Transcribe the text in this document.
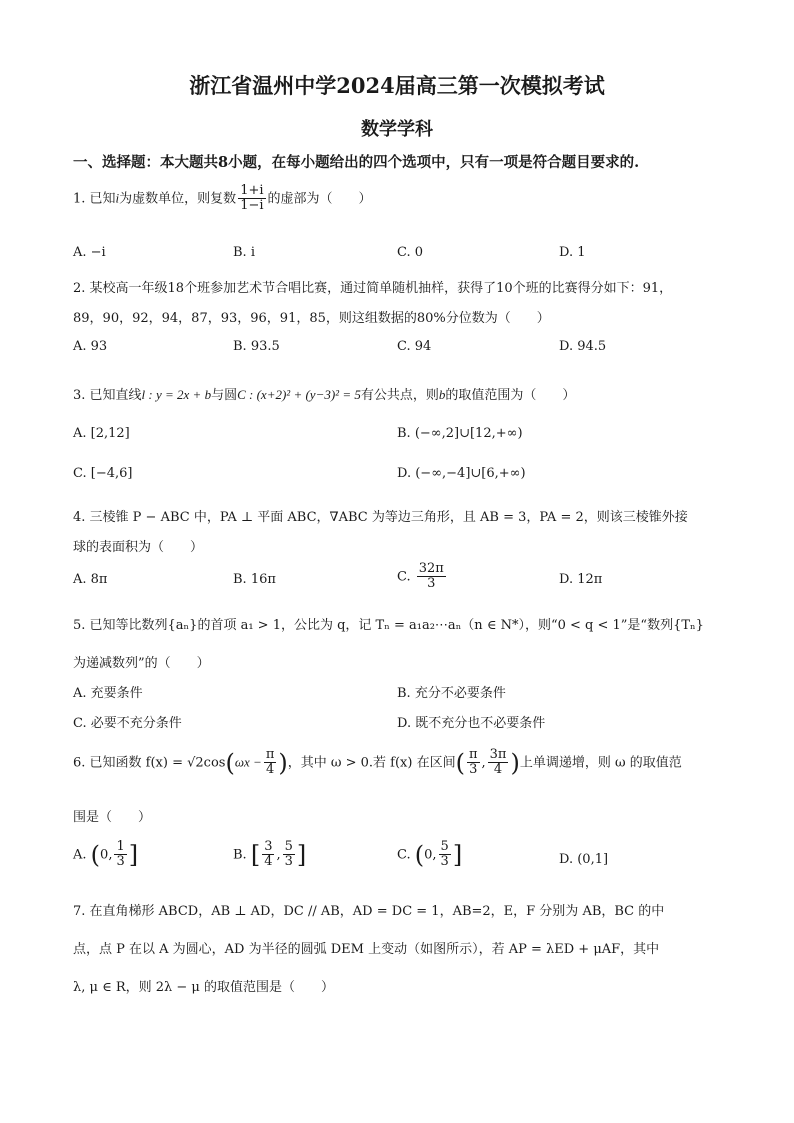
浙江省温州中学2024届高三第一次模拟考试
数学学科
一、选择题：本大题共8小题，在每小题给出的四个选项中，只有一项是符合题目要求的.
1. 已知i为虚数单位，则复数 $\frac{1+i}{1-i}$ 的虚部为（　　）
A. −i	B. i	C. 0	D. 1
2. 某校高一年级18个班参加艺术节合唱比赛，通过简单随机抽样，获得了10个班的比赛得分如下：91，
89，90，92，94，87，93，96，91，85，则这组数据的80%分位数为（　　）
A. 93	B. 93.5	C. 94	D. 94.5
3. 已知直线l : y = 2x + b与圆C : (x+2)² + (y−3)² = 5有公共点，则b的取值范围为（　　）
A. [2,12]	B. (−∞,2]∪[12,+∞)
C. [−4,6]	D. (−∞,−4]∪[6,+∞)
4. 三棱锥 P − ABC 中，PA ⊥ 平面 ABC，∇ABC 为等边三角形，且 AB = 3，PA = 2，则该三棱锥外接
球的表面积为（　　）
A. 8π	B. 16π	C. $\frac{32\pi}{3}$	D. 12π
5. 已知等比数列{aₙ}的首项 a₁ > 1，公比为 q，记 Tₙ = a₁a₂⋯aₙ（n ∈ N*），则“0 < q < 1”是“数列{Tₙ}
为递减数列”的（　　）
A. 充要条件	B. 充分不必要条件
C. 必要不充分条件	D. 既不充分也不必要条件
6. 已知函数 $f(x) = √2\cos(\omega x - \frac{\pi}{4}$ )，其中 ω > 0.若 f(x) 在区间( $\frac{\pi}{3}$ , $\frac{3\pi}{4}$ )上单调递增，则 ω 的取值范
围是（　　）
A. (0, $\frac{1}{3}$ ]	B. [ $\frac{3}{4}$ , $\frac{5}{3}$ ]	C. (0, $\frac{5}{3}$ ]	D. (0,1]
7. 在直角梯形 ABCD，AB ⊥ AD，DC // AB，AD = DC = 1，AB=2，E，F 分别为 AB，BC 的中
点，点 P 在以 A 为圆心，AD 为半径的圆弧 DEM 上变动（如图所示），若 AP = λED + μAF，其中
λ, μ ∈ R，则 2λ − μ 的取值范围是（　　）
